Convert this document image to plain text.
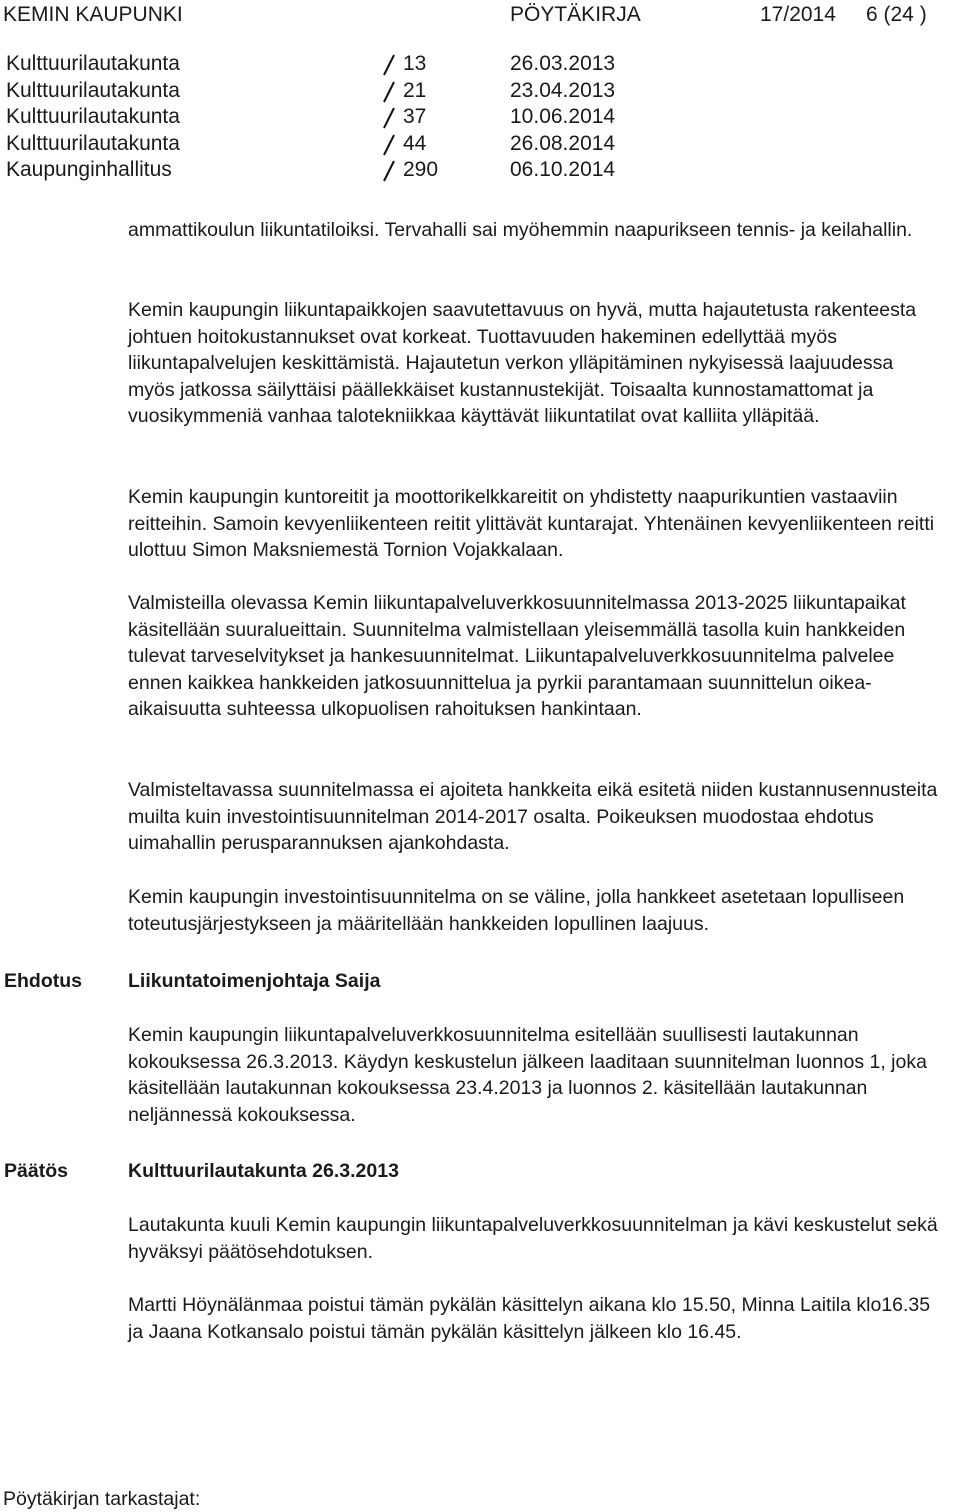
KEMIN KAUPUNKI	PÖYTÄKIRJA	17/2014 6 (24 )
Kulttuurilautakunta	13	26.03.2013
Kulttuurilautakunta	21	23.04.2013
Kulttuurilautakunta	37	10.06.2014
Kulttuurilautakunta	44	26.08.2014
Kaupunginhallitus	290	06.10.2014

ammattikoulun liikuntatiloiksi. Tervahalli sai myöhemmin naapurikseen tennis- ja keilahallin.

Kemin kaupungin liikuntapaikkojen saavutettavuus on hyvä, mutta hajautetusta rakenteesta johtuen hoitokustannukset ovat korkeat. Tuottavuuden hakeminen edellyttää myös liikuntapalvelujen keskittämistä. Hajautetun verkon ylläpitäminen nykyisessä laajuudessa myös jatkossa säilyttäisi päällekkäiset kustannustekijät. Toisaalta kunnostamattomat ja vuosikymmeniä vanhaa talotekniikkaa käyttävät liikuntatilat ovat kalliita ylläpitää.

Kemin kaupungin kuntoreitit ja moottorikelkkareitit on yhdistetty naapurikuntien vastaaviin reitteihin. Samoin kevyenliikenteen reitit ylittävät kuntarajat. Yhtenäinen kevyenliikenteen reitti ulottuu Simon Maksniemestä Tornion Vojakkalaan.

Valmisteilla olevassa Kemin liikuntapalveluverkkosuunnitelmassa 2013-2025 liikuntapaikat käsitellään suuralueittain. Suunnitelma valmistellaan yleisemmällä tasolla kuin hankkeiden tulevat tarveselvitykset ja hankesuunnitelmat. Liikuntapalveluverkkosuunnitelma palvelee ennen kaikkea hankkeiden jatkosuunnittelua ja pyrkii parantamaan suunnittelun oikea-aikaisuutta suhteessa ulkopuolisen rahoituksen hankintaan.

Valmisteltavassa suunnitelmassa ei ajoiteta hankkeita eikä esitetä niiden kustannusennusteita muilta kuin investointisuunnitelman 2014-2017 osalta. Poikeuksen muodostaa ehdotus uimahallin perusparannuksen ajankohdasta.

Kemin kaupungin investointisuunnitelma on se väline, jolla hankkeet asetetaan lopulliseen toteutusjärjestykseen ja määritellään hankkeiden lopullinen laajuus.

Ehdotus Liikuntatoimenjohtaja Saija

Kemin kaupungin liikuntapalveluverkkosuunnitelma esitellään suullisesti lautakunnan kokouksessa 26.3.2013. Käydyn keskustelun jälkeen laaditaan suunnitelman luonnos 1, joka käsitellään lautakunnan kokouksessa 23.4.2013 ja luonnos 2. käsitellään lautakunnan neljännessä kokouksessa.

Päätös	Kulttuurilautakunta 26.3.2013

Lautakunta kuuli Kemin kaupungin liikuntapalveluverkkosuunnitelman ja kävi keskustelut sekä hyväksyi päätösehdotuksen.

Martti Höynälänmaa poistui tämän pykälän käsittelyn aikana klo 15.50, Minna Laitila klo16.35 ja Jaana Kotkansalo poistui tämän pykälän käsittelyn jälkeen klo 16.45.

Pöytäkirjan tarkastajat:
